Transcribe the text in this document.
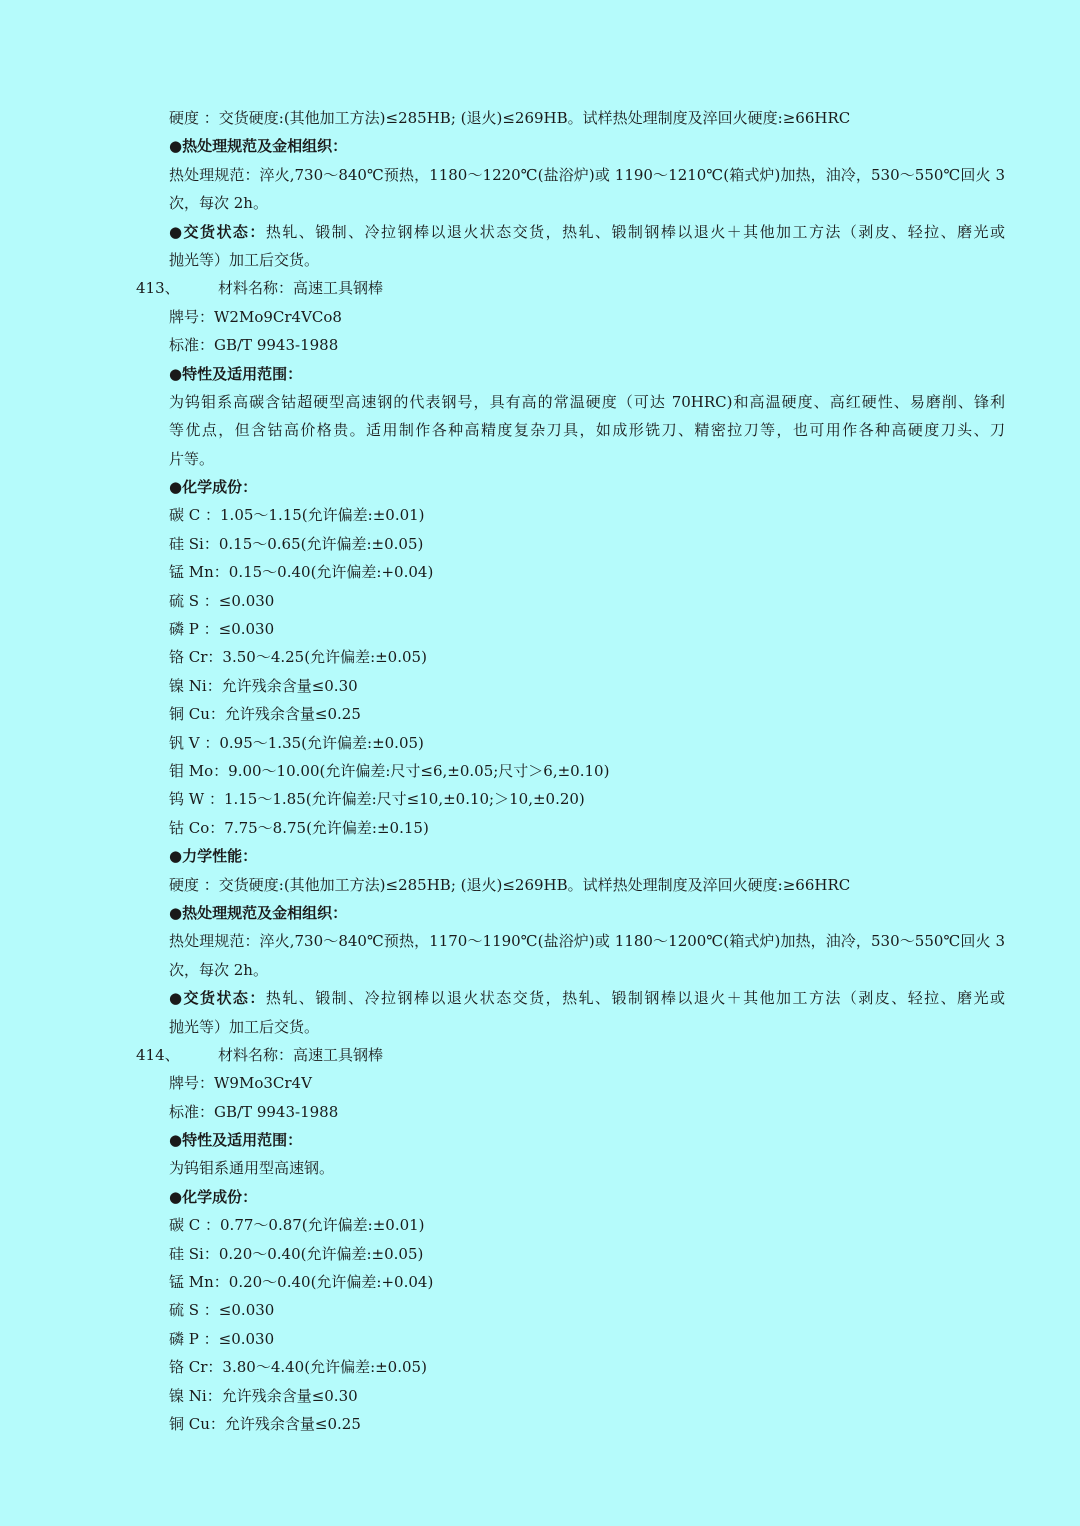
硬度 ：交货硬度:(其他加工方法)≤285HB; (退火)≤269HB。试样热处理制度及淬回火硬度:≥66HRC
●热处理规范及金相组织：
热处理规范：淬火,730～840℃预热，1180～1220℃(盐浴炉)或 1190～1210℃(箱式炉)加热，油冷，530～550℃回火 3
次，每次 2h。
●交货状态：热轧、锻制、冷拉钢棒以退火状态交货，热轧、锻制钢棒以退火＋其他加工方法（剥皮、轻拉、磨光或
抛光等）加工后交货。
413、	材料名称：高速工具钢棒
牌号：W2Mo9Cr4VCo8
标准：GB/T 9943-1988
●特性及适用范围：
为钨钼系高碳含钴超硬型高速钢的代表钢号，具有高的常温硬度（可达 70HRC)和高温硬度、高红硬性、易磨削、锋利
等优点，但含钴高价格贵。适用制作各种高精度复杂刀具，如成形铣刀、精密拉刀等，也可用作各种高硬度刀头、刀
片等。
●化学成份：
碳 C ：1.05～1.15(允许偏差:±0.01)
硅 Si：0.15～0.65(允许偏差:±0.05)
锰 Mn：0.15～0.40(允许偏差:+0.04)
硫 S ：≤0.030
磷 P ：≤0.030
铬 Cr：3.50～4.25(允许偏差:±0.05)
镍 Ni：允许残余含量≤0.30
铜 Cu：允许残余含量≤0.25
钒 V ：0.95～1.35(允许偏差:±0.05)
钼 Mo：9.00～10.00(允许偏差:尺寸≤6,±0.05;尺寸＞6,±0.10)
钨 W ：1.15～1.85(允许偏差:尺寸≤10,±0.10;＞10,±0.20)
钴 Co：7.75～8.75(允许偏差:±0.15)
●力学性能：
硬度 ：交货硬度:(其他加工方法)≤285HB; (退火)≤269HB。试样热处理制度及淬回火硬度:≥66HRC
●热处理规范及金相组织：
热处理规范：淬火,730～840℃预热，1170～1190℃(盐浴炉)或 1180～1200℃(箱式炉)加热，油冷，530～550℃回火 3
次，每次 2h。
●交货状态：热轧、锻制、冷拉钢棒以退火状态交货，热轧、锻制钢棒以退火＋其他加工方法（剥皮、轻拉、磨光或
抛光等）加工后交货。
414、	材料名称：高速工具钢棒
牌号：W9Mo3Cr4V
标准：GB/T 9943-1988
●特性及适用范围：
为钨钼系通用型高速钢。
●化学成份：
碳 C ：0.77～0.87(允许偏差:±0.01)
硅 Si：0.20～0.40(允许偏差:±0.05)
锰 Mn：0.20～0.40(允许偏差:+0.04)
硫 S ：≤0.030
磷 P ：≤0.030
铬 Cr：3.80～4.40(允许偏差:±0.05)
镍 Ni：允许残余含量≤0.30
铜 Cu：允许残余含量≤0.25
